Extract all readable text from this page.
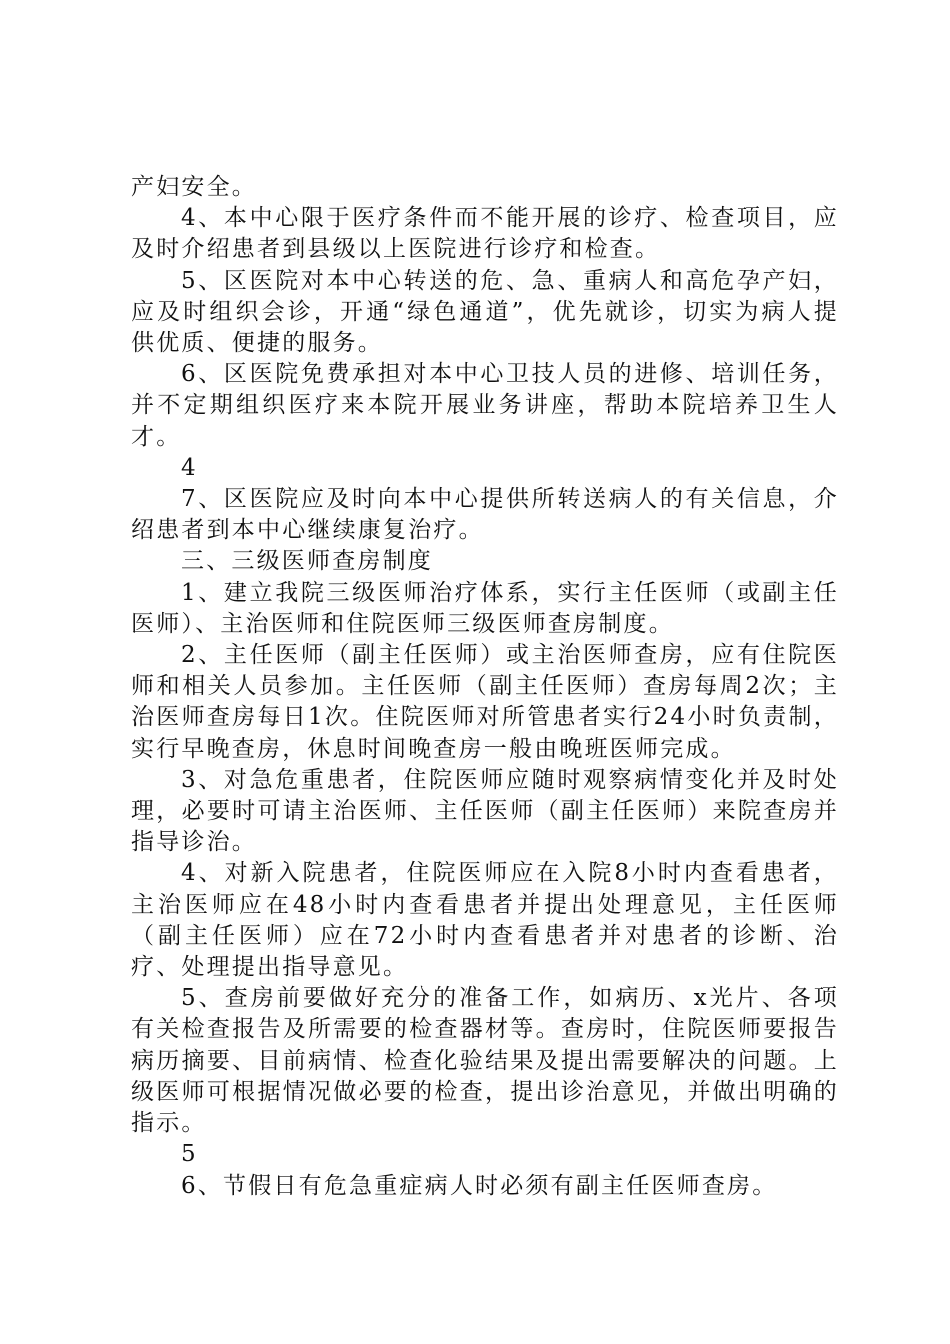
产妇安全。

4、本中心限于医疗条件而不能开展的诊疗、检查项目，应及时介绍患者到县级以上医院进行诊疗和检查。

5、区医院对本中心转送的危、急、重病人和高危孕产妇，应及时组织会诊，开通“绿色通道”，优先就诊，切实为病人提供优质、便捷的服务。

6、区医院免费承担对本中心卫技人员的进修、培训任务，并不定期组织医疗来本院开展业务讲座，帮助本院培养卫生人才。

4

7、区医院应及时向本中心提供所转送病人的有关信息，介绍患者到本中心继续康复治疗。

三、三级医师查房制度

1、建立我院三级医师治疗体系，实行主任医师（或副主任医师）、主治医师和住院医师三级医师查房制度。

2、主任医师（副主任医师）或主治医师查房，应有住院医师和相关人员参加。主任医师（副主任医师）查房每周2次；主治医师查房每日1次。住院医师对所管患者实行24小时负责制，实行早晚查房，休息时间晚查房一般由晚班医师完成。

3、对急危重患者，住院医师应随时观察病情变化并及时处理，必要时可请主治医师、主任医师（副主任医师）来院查房并指导诊治。

4、对新入院患者，住院医师应在入院8小时内查看患者，主治医师应在48小时内查看患者并提出处理意见，主任医师（副主任医师）应在72小时内查看患者并对患者的诊断、治疗、处理提出指导意见。

5、查房前要做好充分的准备工作，如病历、x光片、各项有关检查报告及所需要的检查器材等。查房时，住院医师要报告病历摘要、目前病情、检查化验结果及提出需要解决的问题。上级医师可根据情况做必要的检查，提出诊治意见，并做出明确的指示。

5

6、节假日有危急重症病人时必须有副主任医师查房。
